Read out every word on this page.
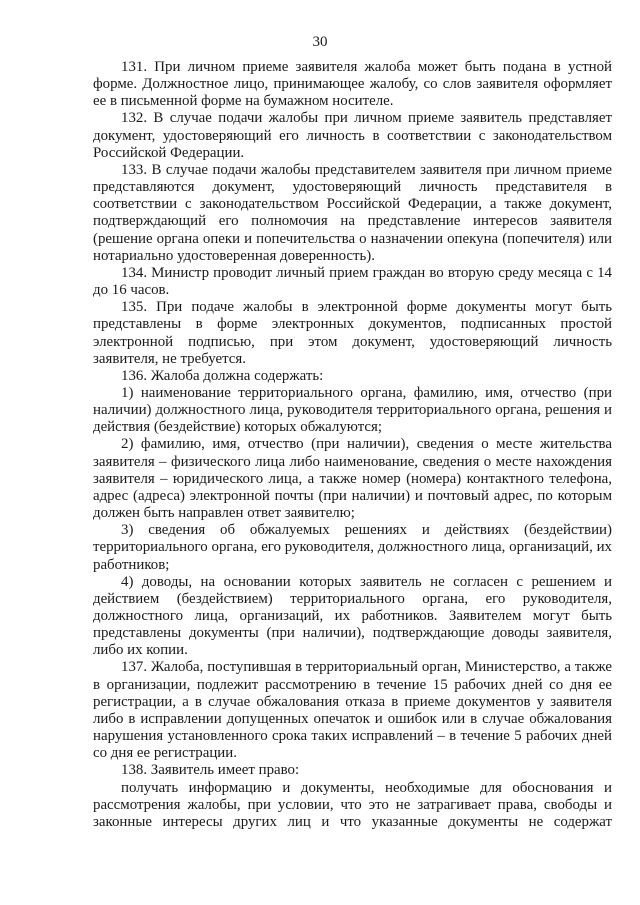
30

131. При личном приеме заявителя жалоба может быть подана в устной форме. Должностное лицо, принимающее жалобу, со слов заявителя оформляет ее в письменной форме на бумажном носителе.

132. В случае подачи жалобы при личном приеме заявитель представляет документ, удостоверяющий его личность в соответствии с законодательством Российской Федерации.

133. В случае подачи жалобы представителем заявителя при личном приеме представляются документ, удостоверяющий личность представителя в соответствии с законодательством Российской Федерации, а также документ, подтверждающий его полномочия на представление интересов заявителя (решение органа опеки и попечительства о назначении опекуна (попечителя) или нотариально удостоверенная доверенность).

134. Министр проводит личный прием граждан во вторую среду месяца с 14 до 16 часов.

135. При подаче жалобы в электронной форме документы могут быть представлены в форме электронных документов, подписанных простой электронной подписью, при этом документ, удостоверяющий личность заявителя, не требуется.

136. Жалоба должна содержать:

1) наименование территориального органа, фамилию, имя, отчество (при наличии) должностного лица, руководителя территориального органа, решения и действия (бездействие) которых обжалуются;

2) фамилию, имя, отчество (при наличии), сведения о месте жительства заявителя – физического лица либо наименование, сведения о месте нахождения заявителя – юридического лица, а также номер (номера) контактного телефона, адрес (адреса) электронной почты (при наличии) и почтовый адрес, по которым должен быть направлен ответ заявителю;

3) сведения об обжалуемых решениях и действиях (бездействии) территориального органа, его руководителя, должностного лица, организаций, их работников;

4) доводы, на основании которых заявитель не согласен с решением и действием (бездействием) территориального органа, его руководителя, должностного лица, организаций, их работников. Заявителем могут быть представлены документы (при наличии), подтверждающие доводы заявителя, либо их копии.

137. Жалоба, поступившая в территориальный орган, Министерство, а также в организации, подлежит рассмотрению в течение 15 рабочих дней со дня ее регистрации, а в случае обжалования отказа в приеме документов у заявителя либо в исправлении допущенных опечаток и ошибок или в случае обжалования нарушения установленного срока таких исправлений – в течение 5 рабочих дней со дня ее регистрации.

138. Заявитель имеет право:

получать информацию и документы, необходимые для обоснования и рассмотрения жалобы, при условии, что это не затрагивает права, свободы и законные интересы других лиц и что указанные документы не содержат
